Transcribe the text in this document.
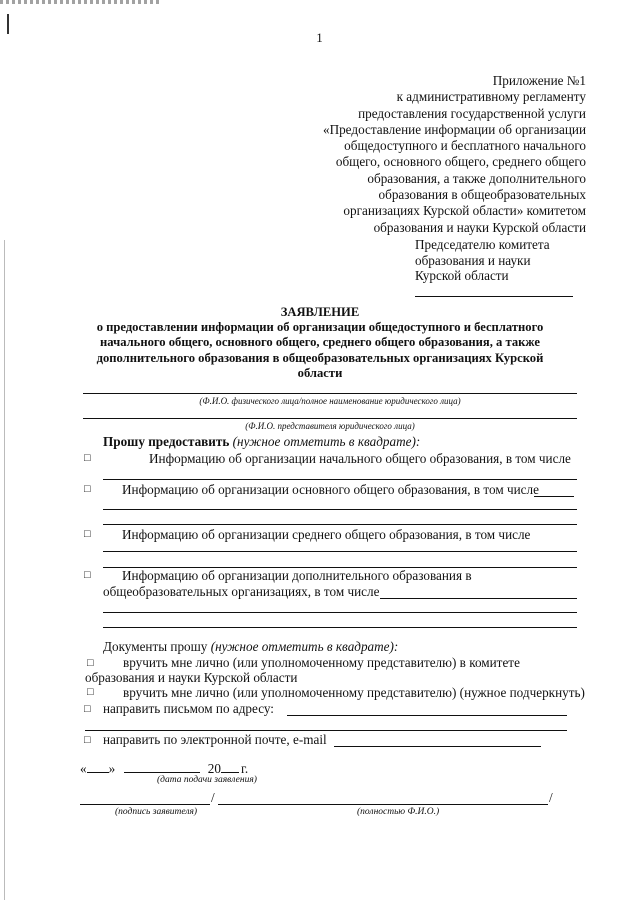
1
Приложение №1
к административному регламенту
предоставления государственной услуги
«Предоставление информации об организации
общедоступного и бесплатного начального
общего, основного общего, среднего общего
образования, а также дополнительного
образования в общеобразовательных
организациях Курской области» комитетом
образования и науки Курской области
Председателю комитета
образования и науки
Курской области
ЗАЯВЛЕНИЕ
о предоставлении информации об организации общедоступного и бесплатного
начального общего, основного общего, среднего общего образования, а также
дополнительного образования в общеобразовательных организациях Курской
области
(Ф.И.О. физического лица/полное наименование юридического лица)
(Ф.И.О. представителя юридического лица)
Прошу предоставить (нужное отметить в квадрате):
□	Информацию об организации начального общего образования, в том числе
□ Информацию об организации основного общего образования, в том числе
□ Информацию об организации среднего общего образования, в том числе
□ Информацию об организации дополнительного образования в
общеобразовательных организациях, в том числе
Документы прошу (нужное отметить в квадрате):
□ вручить мне лично (или уполномоченному представителю) в комитете
образования и науки Курской области
□ вручить мне лично (или уполномоченному представителю) (нужное подчеркнуть)
□ направить письмом по адресу:
□ направить по электронной почте, e-mail
« »	20 г.
(дата подачи заявления)
/	/
(подпись заявителя)	(полностью Ф.И.О.)
